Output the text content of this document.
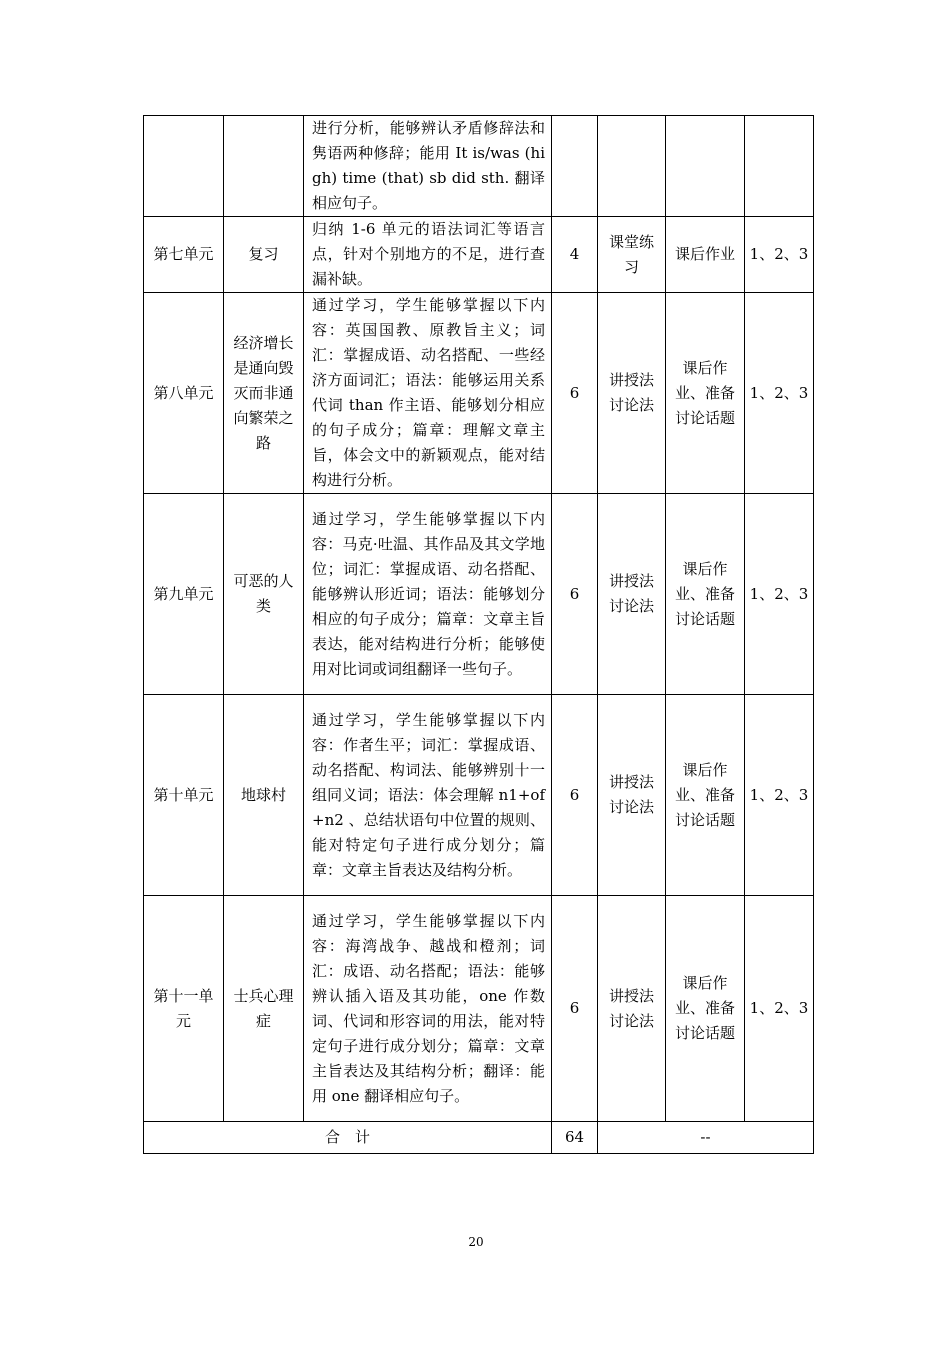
		进行分析，能够辨认矛盾修辞法和隽语两种修辞；能用 It is/was (high) time (that) sb did sth. 翻译相应句子。				
第七单元	复习	归纳 1-6 单元的语法词汇等语言点，针对个别地方的不足，进行查漏补缺。	4	课堂练习	课后作业	1、2、3
第八单元	经济增长是通向毁灭而非通向繁荣之路	通过学习，学生能够掌握以下内容：英国国教、原教旨主义；词汇：掌握成语、动名搭配、一些经济方面词汇；语法：能够运用关系代词 than 作主语、能够划分相应的句子成分；篇章：理解文章主旨，体会文中的新颖观点，能对结构进行分析。	6	讲授法讨论法	课后作业、准备讨论话题	1、2、3
第九单元	可恶的人类	通过学习，学生能够掌握以下内容：马克·吐温、其作品及其文学地位；词汇：掌握成语、动名搭配、能够辨认形近词；语法：能够划分相应的句子成分；篇章：文章主旨表达，能对结构进行分析；能够使用对比词或词组翻译一些句子。	6	讲授法讨论法	课后作业、准备讨论话题	1、2、3
第十单元	地球村	通过学习，学生能够掌握以下内容：作者生平；词汇：掌握成语、动名搭配、构词法、能够辨别十一组同义词；语法：体会理解 n1+of+n2 、总结状语句中位置的规则、能对特定句子进行成分划分；篇章：文章主旨表达及结构分析。	6	讲授法讨论法	课后作业、准备讨论话题	1、2、3
第十一单元	士兵心理症	通过学习，学生能够掌握以下内容：海湾战争、越战和橙剂；词汇：成语、动名搭配；语法：能够辨认插入语及其功能，one 作数词、代词和形容词的用法，能对特定句子进行成分划分；篇章：文章主旨表达及其结构分析；翻译：能用 one 翻译相应句子。	6	讲授法讨论法	课后作业、准备讨论话题	1、2、3
合　计			64	--		
20
